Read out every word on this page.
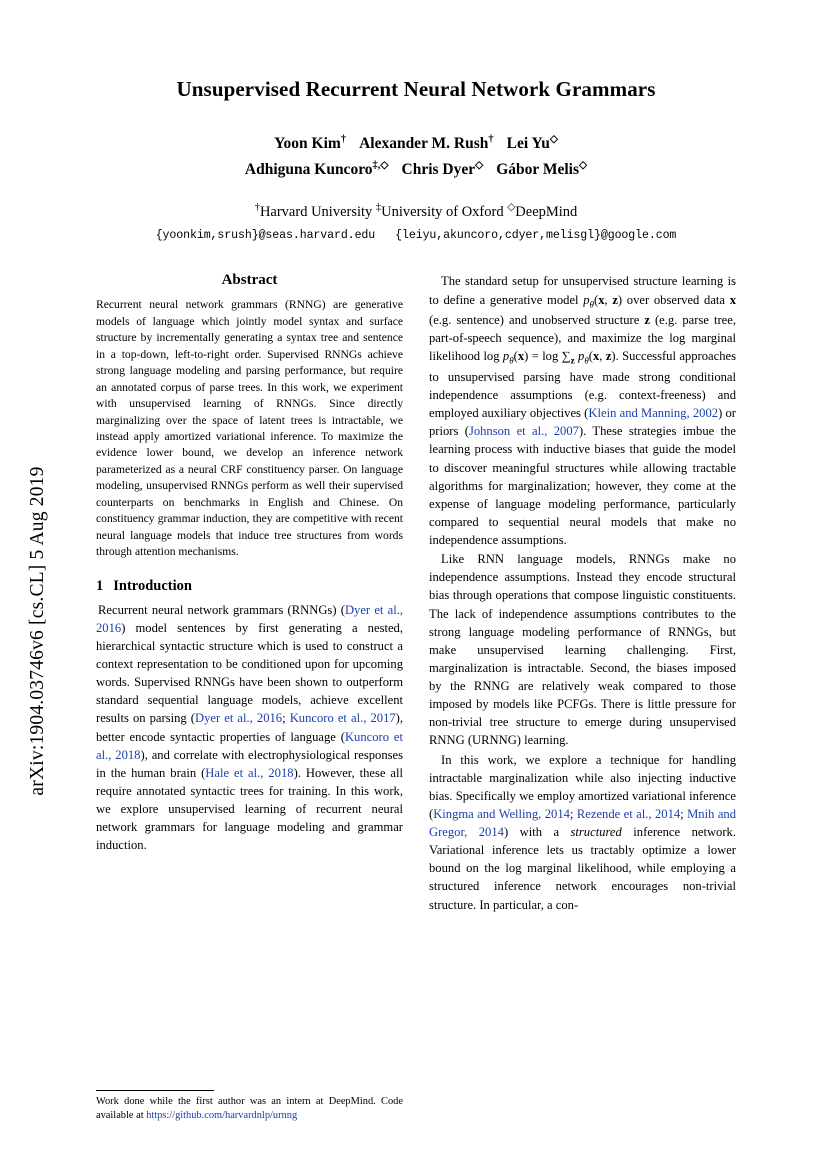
arXiv:1904.03746v6 [cs.CL] 5 Aug 2019
Unsupervised Recurrent Neural Network Grammars
Yoon Kim† Alexander M. Rush† Lei Yu◇
Adhiguna Kuncoro‡,◇ Chris Dyer◇ Gábor Melis◇
†Harvard University ‡University of Oxford ◇DeepMind
{yoonkim,srush}@seas.harvard.edu {leiyu,akuncoro,cdyer,melisgl}@google.com
Abstract

Recurrent neural network grammars (RNNG) are generative models of language which jointly model syntax and surface structure by incrementally generating a syntax tree and sentence in a top-down, left-to-right order. Supervised RNNGs achieve strong language modeling and parsing performance, but require an annotated corpus of parse trees. In this work, we experiment with unsupervised learning of RNNGs. Since directly marginalizing over the space of latent trees is intractable, we instead apply amortized variational inference. To maximize the evidence lower bound, we develop an inference network parameterized as a neural CRF constituency parser. On language modeling, unsupervised RNNGs perform as well their supervised counterparts on benchmarks in English and Chinese. On constituency grammar induction, they are competitive with recent neural language models that induce tree structures from words through attention mechanisms.

1 Introduction

Recurrent neural network grammars (RNNGs) (Dyer et al., 2016) model sentences by first generating a nested, hierarchical syntactic structure which is used to construct a context representation to be conditioned upon for upcoming words. Supervised RNNGs have been shown to outperform standard sequential language models, achieve excellent results on parsing (Dyer et al., 2016; Kuncoro et al., 2017), better encode syntactic properties of language (Kuncoro et al., 2018), and correlate with electrophysiological responses in the human brain (Hale et al., 2018). However, these all require annotated syntactic trees for training. In this work, we explore unsupervised learning of recurrent neural network grammars for language modeling and grammar induction.

The standard setup for unsupervised structure learning is to define a generative model $p_\theta(x$, z) over observed data x (e.g. sentence) and unobserved structure z (e.g. parse tree, part-of-speech sequence), and maximize the log marginal likelihood $\log p_\theta(x) = \log \sum_z$ $p_\theta(x$, z). Successful approaches to unsupervised parsing have made strong conditional independence assumptions (e.g. context-freeness) and employed auxiliary objectives (Klein and Manning, 2002) or priors (Johnson et al., 2007). These strategies imbue the learning process with inductive biases that guide the model to discover meaningful structures while allowing tractable algorithms for marginalization; however, they come at the expense of language modeling performance, particularly compared to sequential neural models that make no independence assumptions.

Like RNN language models, RNNGs make no independence assumptions. Instead they encode structural bias through operations that compose linguistic constituents. The lack of independence assumptions contributes to the strong language modeling performance of RNNGs, but make unsupervised learning challenging. First, marginalization is intractable. Second, the biases imposed by the RNNG are relatively weak compared to those imposed by models like PCFGs. There is little pressure for non-trivial tree structure to emerge during unsupervised RNNG (URNNG) learning.

In this work, we explore a technique for handling intractable marginalization while also injecting inductive bias. Specifically we employ amortized variational inference (Kingma and Welling, 2014; Rezende et al., 2014; Mnih and Gregor, 2014) with a structured inference network. Variational inference lets us tractably optimize a lower bound on the log marginal likelihood, while employing a structured inference network encourages non-trivial structure. In particular, a con-

Work done while the first author was an intern at DeepMind. Code available at https://github.com/harvardnlp/urnng
